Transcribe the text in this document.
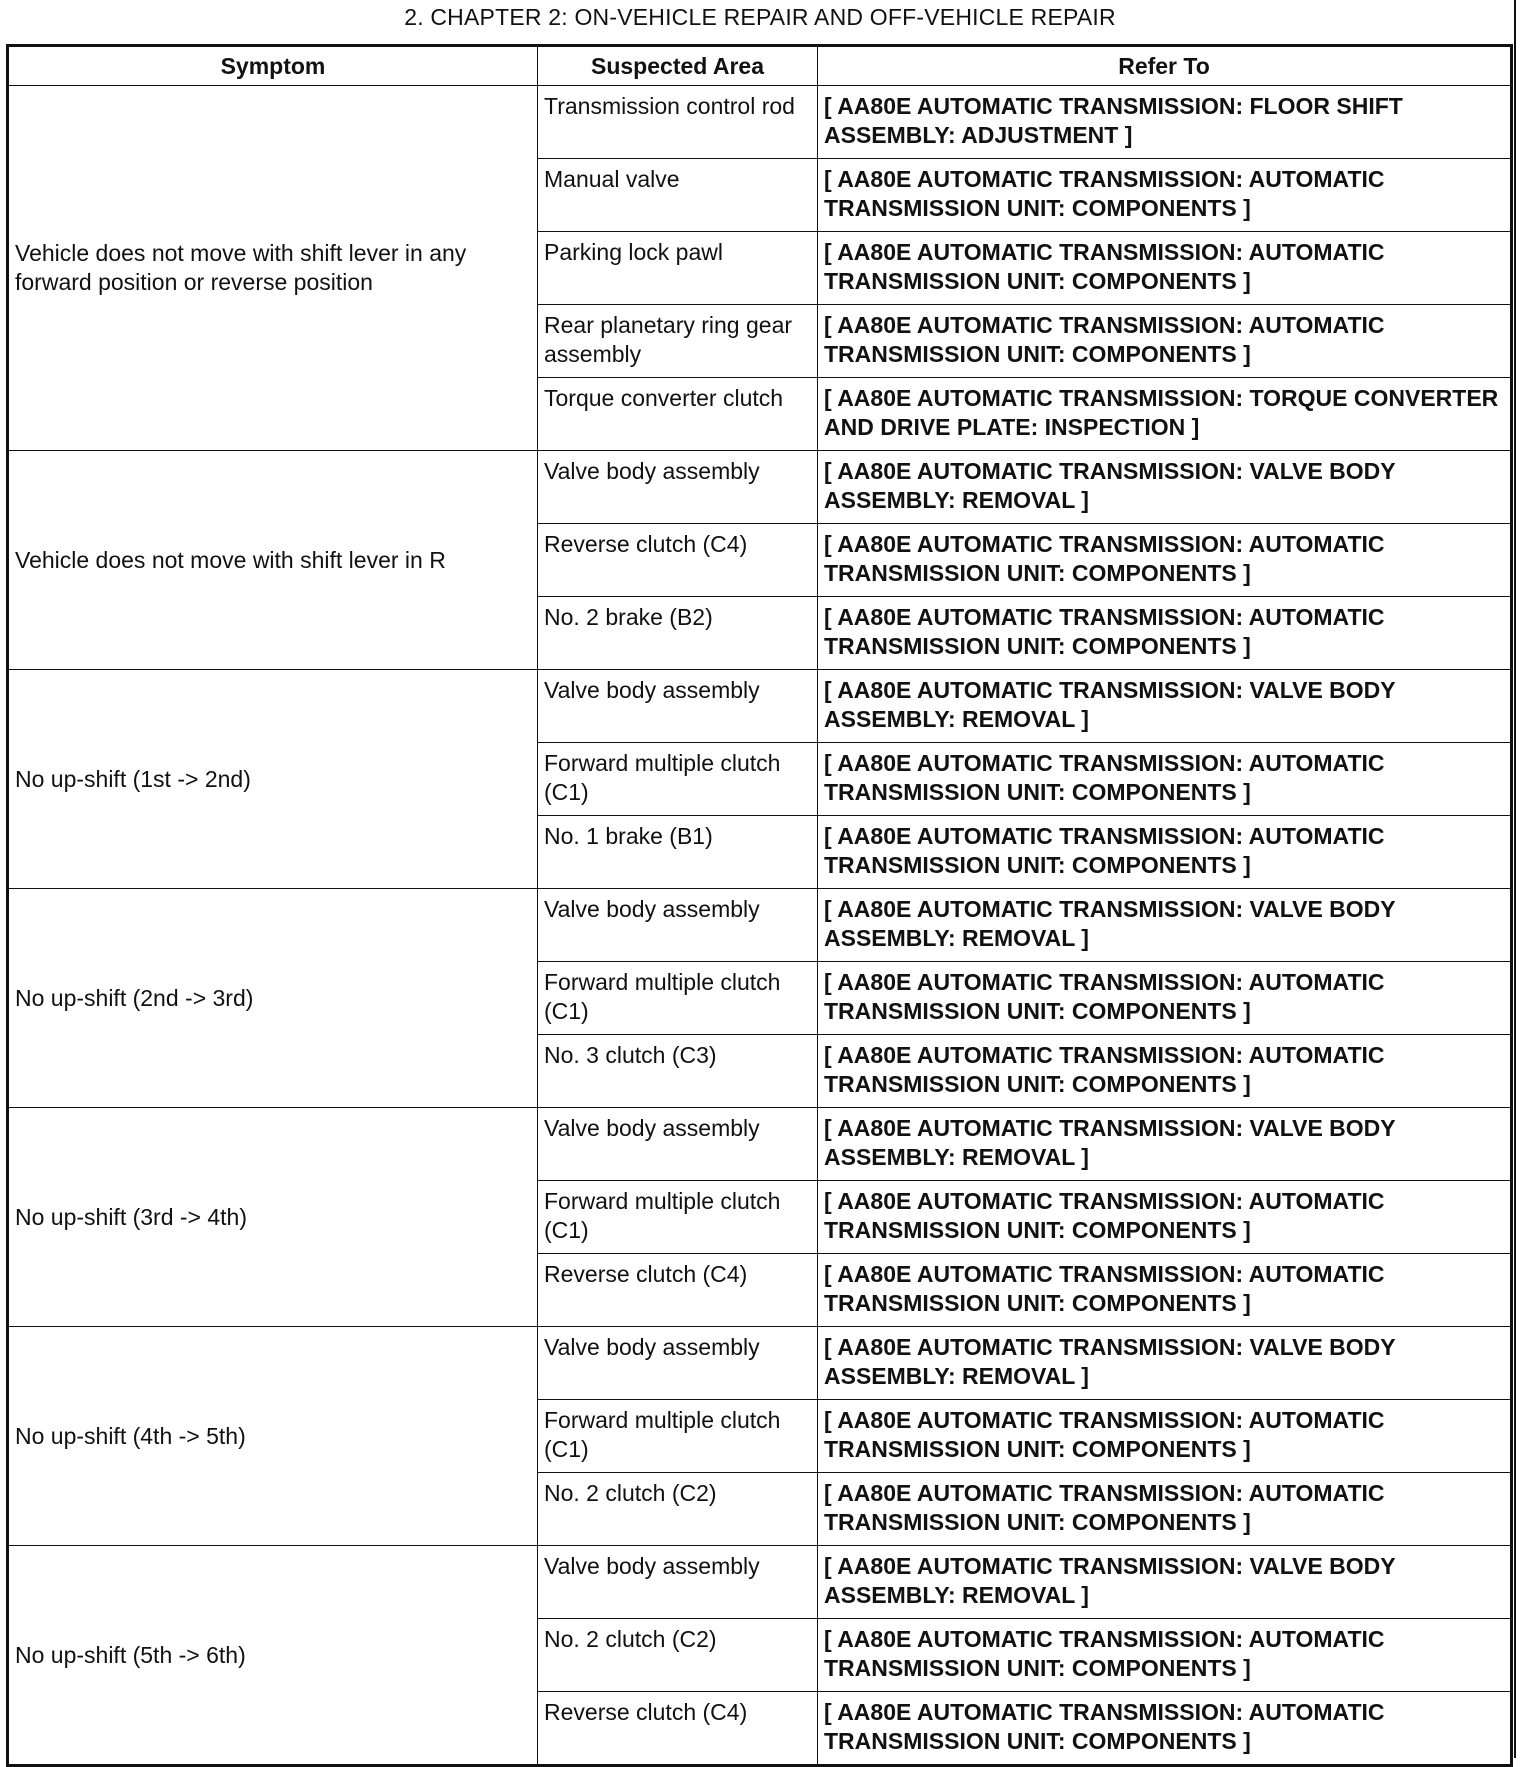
2. CHAPTER 2: ON-VEHICLE REPAIR AND OFF-VEHICLE REPAIR
Symptom	Suspected Area	Refer To
Vehicle does not move with shift lever in any forward position or reverse position	Transmission control rod	[ AA80E AUTOMATIC TRANSMISSION: FLOOR SHIFT ASSEMBLY: ADJUSTMENT ]
	Manual valve	[ AA80E AUTOMATIC TRANSMISSION: AUTOMATIC TRANSMISSION UNIT: COMPONENTS ]
	Parking lock pawl	[ AA80E AUTOMATIC TRANSMISSION: AUTOMATIC TRANSMISSION UNIT: COMPONENTS ]
	Rear planetary ring gear assembly	[ AA80E AUTOMATIC TRANSMISSION: AUTOMATIC TRANSMISSION UNIT: COMPONENTS ]
	Torque converter clutch	[ AA80E AUTOMATIC TRANSMISSION: TORQUE CONVERTER AND DRIVE PLATE: INSPECTION ]
Vehicle does not move with shift lever in R	Valve body assembly	[ AA80E AUTOMATIC TRANSMISSION: VALVE BODY ASSEMBLY: REMOVAL ]
	Reverse clutch (C4)	[ AA80E AUTOMATIC TRANSMISSION: AUTOMATIC TRANSMISSION UNIT: COMPONENTS ]
	No. 2 brake (B2)	[ AA80E AUTOMATIC TRANSMISSION: AUTOMATIC TRANSMISSION UNIT: COMPONENTS ]
No up-shift (1st -> 2nd)	Valve body assembly	[ AA80E AUTOMATIC TRANSMISSION: VALVE BODY ASSEMBLY: REMOVAL ]
	Forward multiple clutch (C1)	[ AA80E AUTOMATIC TRANSMISSION: AUTOMATIC TRANSMISSION UNIT: COMPONENTS ]
	No. 1 brake (B1)	[ AA80E AUTOMATIC TRANSMISSION: AUTOMATIC TRANSMISSION UNIT: COMPONENTS ]
No up-shift (2nd -> 3rd)	Valve body assembly	[ AA80E AUTOMATIC TRANSMISSION: VALVE BODY ASSEMBLY: REMOVAL ]
	Forward multiple clutch (C1)	[ AA80E AUTOMATIC TRANSMISSION: AUTOMATIC TRANSMISSION UNIT: COMPONENTS ]
	No. 3 clutch (C3)	[ AA80E AUTOMATIC TRANSMISSION: AUTOMATIC TRANSMISSION UNIT: COMPONENTS ]
No up-shift (3rd -> 4th)	Valve body assembly	[ AA80E AUTOMATIC TRANSMISSION: VALVE BODY ASSEMBLY: REMOVAL ]
	Forward multiple clutch (C1)	[ AA80E AUTOMATIC TRANSMISSION: AUTOMATIC TRANSMISSION UNIT: COMPONENTS ]
	Reverse clutch (C4)	[ AA80E AUTOMATIC TRANSMISSION: AUTOMATIC TRANSMISSION UNIT: COMPONENTS ]
No up-shift (4th -> 5th)	Valve body assembly	[ AA80E AUTOMATIC TRANSMISSION: VALVE BODY ASSEMBLY: REMOVAL ]
	Forward multiple clutch (C1)	[ AA80E AUTOMATIC TRANSMISSION: AUTOMATIC TRANSMISSION UNIT: COMPONENTS ]
	No. 2 clutch (C2)	[ AA80E AUTOMATIC TRANSMISSION: AUTOMATIC TRANSMISSION UNIT: COMPONENTS ]
No up-shift (5th -> 6th)	Valve body assembly	[ AA80E AUTOMATIC TRANSMISSION: VALVE BODY ASSEMBLY: REMOVAL ]
	No. 2 clutch (C2)	[ AA80E AUTOMATIC TRANSMISSION: AUTOMATIC TRANSMISSION UNIT: COMPONENTS ]
	Reverse clutch (C4)	[ AA80E AUTOMATIC TRANSMISSION: AUTOMATIC TRANSMISSION UNIT: COMPONENTS ]
